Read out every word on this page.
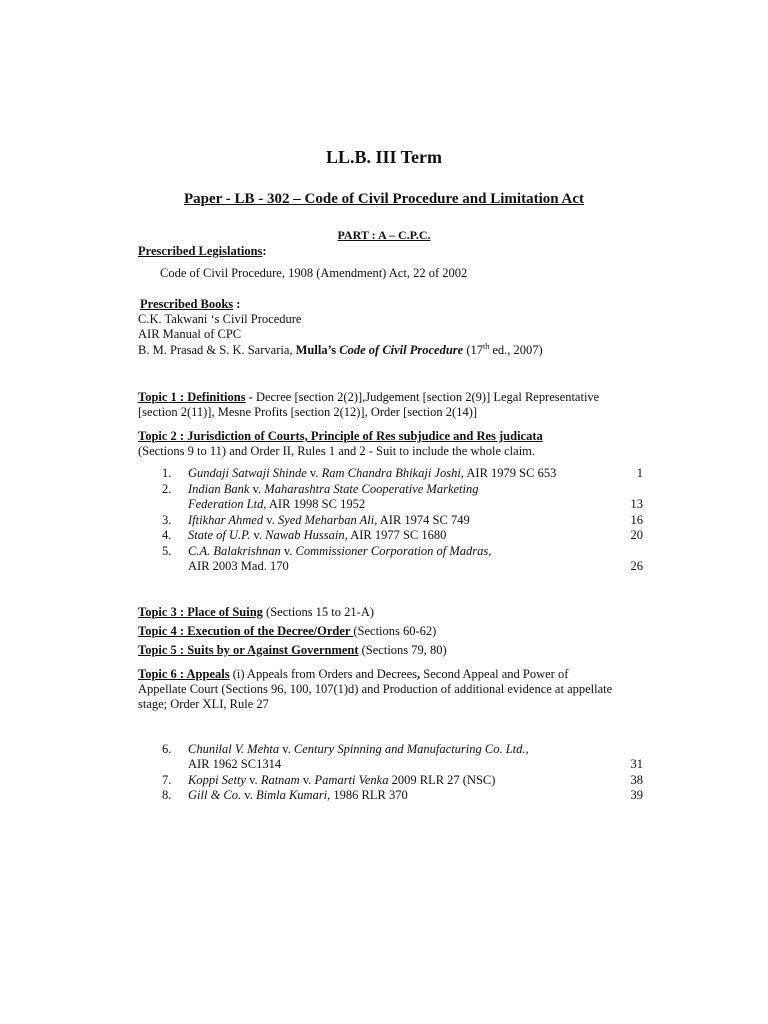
LL.B. III Term
Paper - LB - 302 – Code of Civil Procedure and Limitation Act
PART : A – C.P.C.
Prescribed Legislations:
Code of Civil Procedure, 1908 (Amendment) Act, 22 of 2002
Prescribed Books :
C.K. Takwani ‘s Civil Procedure
AIR Manual of CPC
B. M. Prasad & S. K. Sarvaria, Mulla’s Code of Civil Procedure (17th ed., 2007)
Topic 1 : Definitions - Decree [section 2(2)],Judgement [section 2(9)] Legal Representative
[section 2(11)], Mesne Profits [section 2(12)], Order [section 2(14)]
Topic 2 : Jurisdiction of Courts, Principle of Res subjudice and Res judicata
(Sections 9 to 11) and Order II, Rules 1 and 2 - Suit to include the whole claim.
1. Gundaji Satwaji Shinde v. Ram Chandra Bhikaji Joshi, AIR 1979 SC 653	1
2. Indian Bank v. Maharashtra State Cooperative Marketing
Federation Ltd, AIR 1998 SC 1952	13
3. Iftikhar Ahmed v. Syed Meharban Ali, AIR 1974 SC 749	16
4. State of U.P. v. Nawab Hussain, AIR 1977 SC 1680	20
5. C.A. Balakrishnan v. Commissioner Corporation of Madras,
AIR 2003 Mad. 170	26
Topic 3 : Place of Suing (Sections 15 to 21-A)
Topic 4 : Execution of the Decree/Order (Sections 60-62)
Topic 5 : Suits by or Against Government (Sections 79, 80)
Topic 6 : Appeals (i) Appeals from Orders and Decrees, Second Appeal and Power of
Appellate Court (Sections 96, 100, 107(1)d) and Production of additional evidence at appellate
stage; Order XLI, Rule 27
6. Chunilal V. Mehta v. Century Spinning and Manufacturing Co. Ltd.,
AIR 1962 SC1314	31
7. Koppi Setty v. Ratnam v. Pamarti Venka 2009 RLR 27 (NSC)	38
8. Gill & Co. v. Bimla Kumari, 1986 RLR 370	39
